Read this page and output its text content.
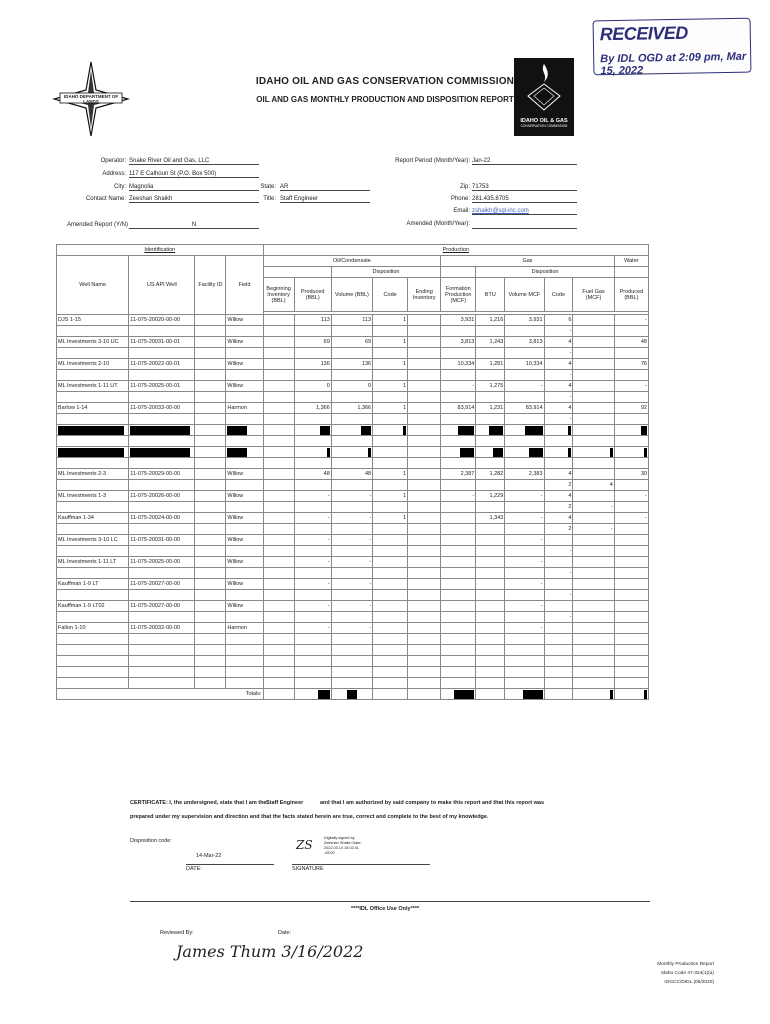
RECEIVED
By IDL OGD at 2:09 pm, Mar 15, 2022
IDAHO DEPARTMENT OF LANDS
IDAHO OIL AND GAS CONSERVATION COMMISSION
OIL AND GAS MONTHLY PRODUCTION AND DISPOSITION REPORT
IDAHO OIL & GAS
CONSERVATION COMMISSION
Operator: Snake River Oil and Gas, LLC
Address: 117 E Calhoun St (P.O. Box 500)
City: Magnolia
Contact Name: Zeeshan Shaikh
Amended Report (Y/N)	N
State: AR
Title: Staff Engineer
Report Period (Month/Year): Jan-22
Zip: 71753
Phone: 281.435.8705
Email: zshaikh@sgl-inc.com
Amended (Month/Year):
Identification				Production										
Well Name	US API Well	Facility ID	Field	Oil/Condensate					Gas					Water
						Disposition				Disposition				
				Beginning Inventory (BBL)	Produced (BBL)	Volume (BBL)	Code	Ending Inventory	Formation Production (MCF)	BTU	Volume MCF	Code	Fuel Gas (MCF)	Produced (BBL)

DJS 1-15	11-075-20020-00-00		Willow		113	113	1		3,931	1,216	3,931	6		-
												-		
ML Investments 3-10 UC	11-075-20031-00-01		Willow		69	69	1		3,813	1,243	3,813	4		48
												-		
ML Investments 2-10	11-075-20022-00-01		Willow		136	136	1		10,334	1,281	10,334	4		76
												-		
ML Investments 1-11 UT	11-075-20025-00-01		Willow		0	0	1		-	1,275	-	4		-
												-		
Barlow 1-14	11-075-20033-00-00		Harmon		1,366	1,366	1		83,914	1,231	83,914	4		92
												-		

ML Investments 2-3	11-075-20029-00-00		Willow		48	48	1		2,387	1,282	2,383	4		30
												2	4	
ML Investments 1-3	11-075-20026-00-00		Willow		-	-	1		-	1,229	-	4		-
												2	-	
Kauffman 1-34	11-075-20024-00-00		Willow		-	-	1			1,343	-	4		-
												2	-	
ML Investments 3-10 LC	11-075-20031-00-00		Willow		-	-					-			
												-		
ML Investments 1-11 LT	11-075-20025-00-00		Willow		-	-					-			
												-		
Kauffman 1-9 LT	11-075-20027-00-00		Willow		-	-					-			
												-		
Kauffman 1-9 LT02	11-075-20027-00-00		Willow		-	-					-			
												-		
Fallon 1-10	11-075-20032-00-00		Harmon		-	-					-			

Totals:														
CERTIFICATE: I, the undersigned, state that I am the:
Staff Engineer	and that I am authorized by said company to make this report and that this report was
prepared under my supervision and direction and that the facts stated herein are true, correct and complete to the best of my knowledge.
Disposition code:
14-Mar-22
DATE:
ZS	Digitally signed by Zeeshan Shaikh Date: 2022.03.14 15:02:41 -05'00'
SIGNATURE
****IDL Office Use Only****
Reviewed By:	Date:
James Thum 3/16/2022
Monthly Production Report
Idaho Code 47-324(1)(a)
IOGCC/DIDL (05/2020)
